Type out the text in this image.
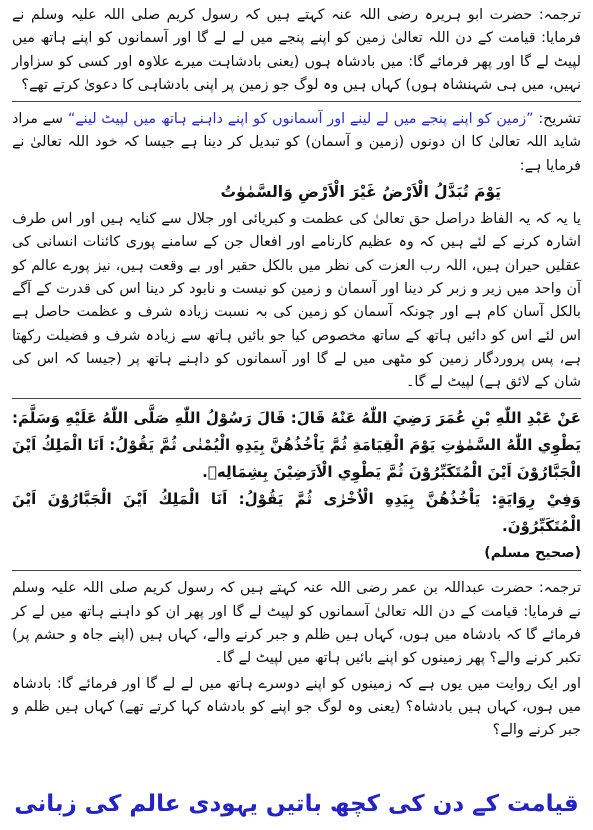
ترجمہ: حضرت ابو ہریرہ رضی اللہ عنہ کہتے ہیں کہ رسول کریم صلی اللہ علیہ وسلم نے فرمایا: قیامت کے دن اللہ تعالیٰ زمین کو اپنے پنجے میں لے لے گا اور آسمانوں کو اپنے ہاتھ میں لپیٹ لے گا اور پھر فرمائے گا: میں بادشاہ ہوں (یعنی بادشاہت میرے علاوہ اور کسی کو سزاوار نہیں، میں ہی شہنشاہ ہوں) کہاں ہیں وہ لوگ جو زمین پر اپنی بادشاہی کا دعویٰ کرتے تھے؟

تشریح: ”زمین کو اپنے پنجے میں لے لینے اور آسمانوں کو اپنے داہنے ہاتھ میں لپیٹ لینے“ سے مراد شاید اللہ تعالیٰ کا ان دونوں (زمین و آسمان) کو تبدیل کر دینا ہے جیسا کہ خود اللہ تعالیٰ نے فرمایا ہے:

يَوْمَ تُبَدَّلُ الْاَرْضُ غَيْرَ الْاَرْضِ وَالسَّمٰوٰتُ

یا یہ کہ یہ الفاظ دراصل حق تعالیٰ کی عظمت و کبریائی اور جلال سے کنایہ ہیں اور اس طرف اشارہ کرنے کے لئے ہیں کہ وہ عظیم کارنامے اور افعال جن کے سامنے پوری کائنات انسانی کی عقلیں حیران ہیں، اللہ رب العزت کی نظر میں بالکل حقیر اور بے وقعت ہیں، نیز پورے عالم کو آن واحد میں زیر و زبر کر دینا اور آسمان و زمین کو نیست و نابود کر دینا اس کی قدرت کے آگے بالکل آسان کام ہے اور چونکہ آسمان کو زمین کی بہ نسبت زیادہ شرف و عظمت حاصل ہے اس لئے اس کو دائیں ہاتھ کے ساتھ مخصوص کیا جو بائیں ہاتھ سے زیادہ شرف و فضیلت رکھتا ہے، پس پروردگار زمین کو مٹھی میں لے گا اور آسمانوں کو داہنے ہاتھ پر (جیسا کہ اس کی شان کے لائق ہے) لپیٹ لے گا۔

عَنْ عَبْدِ اللّٰهِ بْنِ عُمَرَ رَضِيَ اللّٰهُ عَنْهُ قَالَ: قَالَ رَسُوْلُ اللّٰهِ صَلَّى اللّٰهُ عَلَيْهِ وَسَلَّمَ: يَطْوِي اللّٰهُ السَّمٰوٰتِ يَوْمَ الْقِيَامَةِ ثُمَّ يَاْخُذُهُنَّ بِيَدِهِ الْيُمْنٰى ثُمَّ يَقُوْلُ: اَنَا الْمَلِكُ اَيْنَ الْجَبَّارُوْنَ اَيْنَ الْمُتَكَبِّرُوْنَ ثُمَّ يَطْوِي الْاَرَضِيْنَ بِشِمَالِهٖ.

وَفِيْ رِوَايَةٍ: يَاْخُذُهُنَّ بِيَدِهِ الْاُخْرٰى ثُمَّ يَقُوْلُ: اَنَا الْمَلِكُ اَيْنَ الْجَبَّارُوْنَ اَيْنَ الْمُتَكَبِّرُوْنَ.

(صحیح مسلم)

ترجمہ: حضرت عبداللہ بن عمر رضی اللہ عنہ کہتے ہیں کہ رسول کریم صلی اللہ علیہ وسلم نے فرمایا: قیامت کے دن اللہ تعالیٰ آسمانوں کو لپیٹ لے گا اور پھر ان کو داہنے ہاتھ میں لے کر فرمائے گا کہ بادشاہ میں ہوں، کہاں ہیں ظلم و جبر کرنے والے، کہاں ہیں (اپنے جاہ و حشم پر) تکبر کرنے والے؟ پھر زمینوں کو اپنے بائیں ہاتھ میں لپیٹ لے گا۔

اور ایک روایت میں یوں ہے کہ زمینوں کو اپنے دوسرے ہاتھ میں لے لے گا اور فرمائے گا: بادشاہ میں ہوں، کہاں ہیں بادشاہ؟ (یعنی وہ لوگ جو اپنے کو بادشاہ کہا کرتے تھے) کہاں ہیں ظلم و جبر کرنے والے؟

قیامت کے دن کی کچھ باتیں یہودی عالم کی زبانی
